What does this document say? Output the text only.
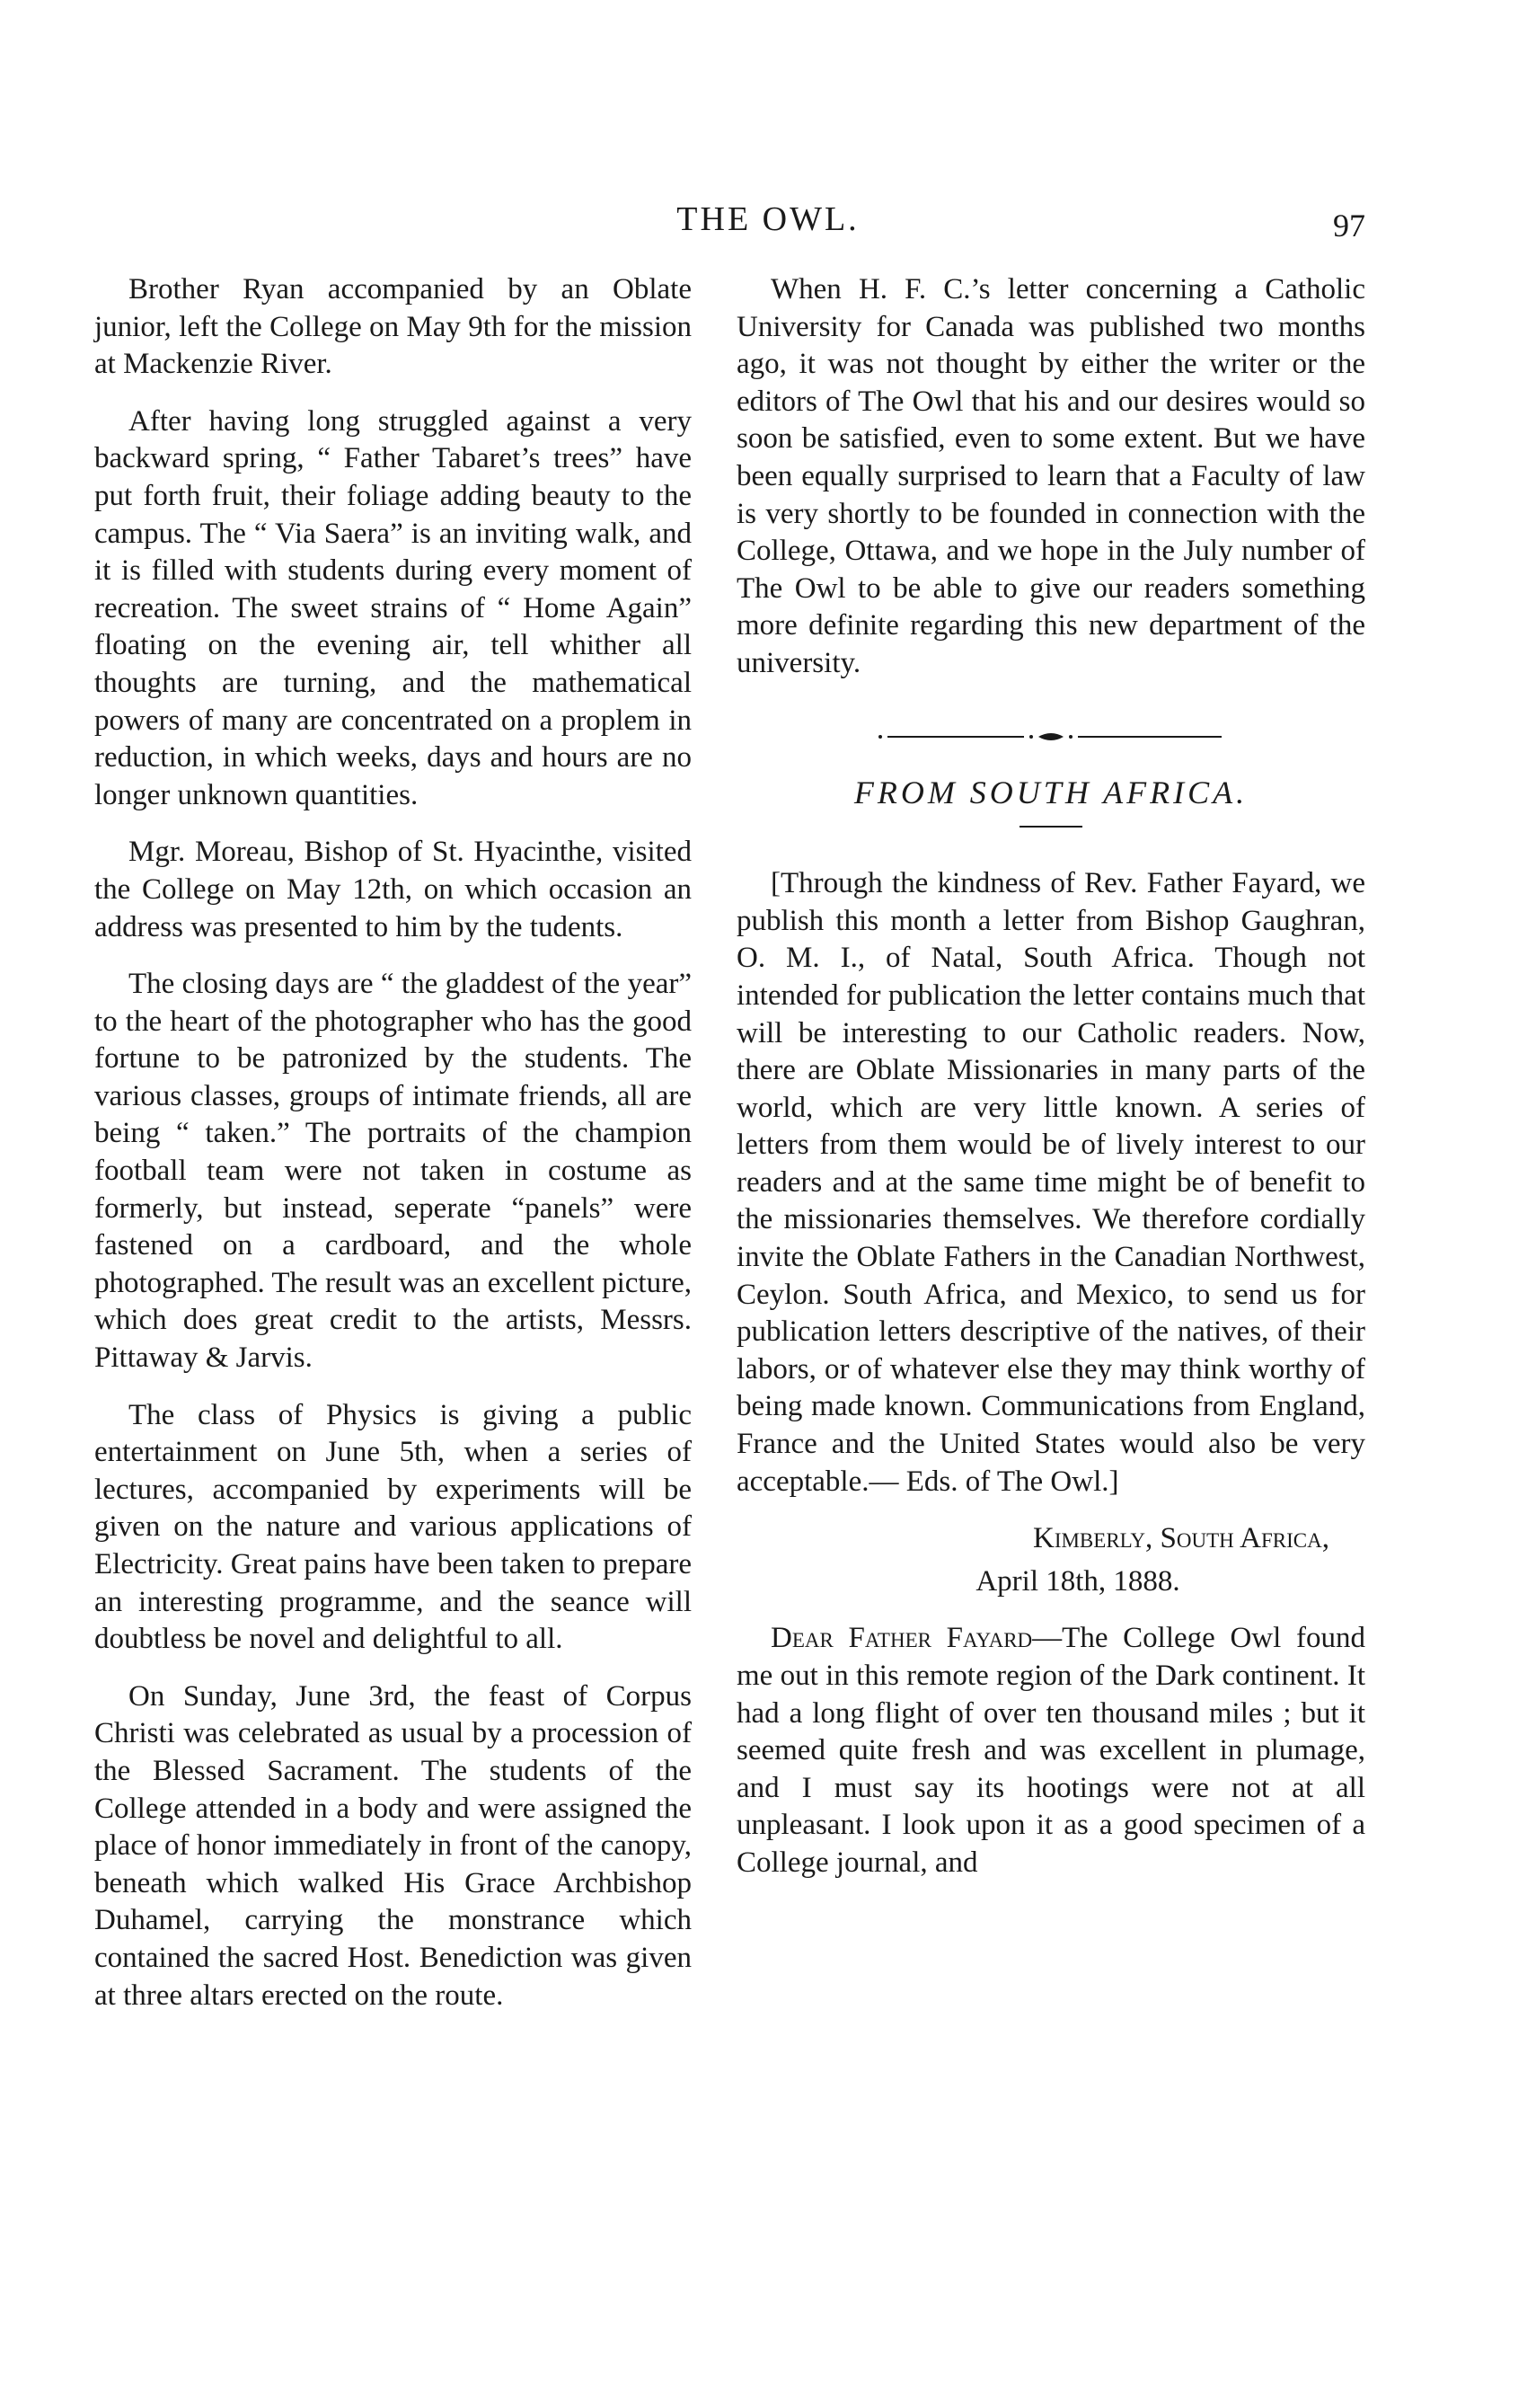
THE OWL.	97

Brother Ryan accompanied by an Oblate junior, left the College on May 9th for the mission at Mackenzie River.

After having long struggled against a very backward spring, “ Father Tabaret’s trees” have put forth fruit, their foliage adding beauty to the campus. The “ Via Saera” is an inviting walk, and it is filled with students during every moment of recreation. The sweet strains of “ Home Again” floating on the evening air, tell whither all thoughts are turning, and the mathematical powers of many are concentrated on a proplem in reduction, in which weeks, days and hours are no longer unknown quantities.

Mgr. Moreau, Bishop of St. Hyacinthe, visited the College on May 12th, on which occasion an address was presented to him by the tudents.

The closing days are “ the gladdest of the year” to the heart of the photographer who has the good fortune to be patronized by the students. The various classes, groups of intimate friends, all are being “ taken.” The portraits of the champion football team were not taken in costume as formerly, but instead, seperate “panels” were fastened on a cardboard, and the whole photographed. The result was an excellent picture, which does great credit to the artists, Messrs. Pittaway & Jarvis.

The class of Physics is giving a public entertainment on June 5th, when a series of lectures, accompanied by experiments will be given on the nature and various applications of Electricity. Great pains have been taken to prepare an interesting programme, and the seance will doubtless be novel and delightful to all.

On Sunday, June 3rd, the feast of Corpus Christi was celebrated as usual by a procession of the Blessed Sacrament. The students of the College attended in a body and were assigned the place of honor immediately in front of the canopy, beneath which walked His Grace Archbishop Duhamel, carrying the monstrance which contained the sacred Host. Benediction was given at three altars erected on the route.

When H. F. C.’s letter concerning a Catholic University for Canada was published two months ago, it was not thought by either the writer or the editors of The Owl that his and our desires would so soon be satisfied, even to some extent. But we have been equally surprised to learn that a Faculty of law is very shortly to be founded in connection with the College, Ottawa, and we hope in the July number of The Owl to be able to give our readers something more definite regarding this new department of the university.

FROM SOUTH AFRICA.

[Through the kindness of Rev. Father Fayard, we publish this month a letter from Bishop Gaughran, O. M. I., of Natal, South Africa. Though not intended for publication the letter contains much that will be interesting to our Catholic readers. Now, there are Oblate Missionaries in many parts of the world, which are very little known. A series of letters from them would be of lively interest to our readers and at the same time might be of benefit to the missionaries themselves. We therefore cordially invite the Oblate Fathers in the Canadian Northwest, Ceylon. South Africa, and Mexico, to send us for publication letters descriptive of the natives, of their labors, or of whatever else they may think worthy of being made known. Communications from England, France and the United States would also be very acceptable.— Eds. of The Owl.]

Kimberly, South Africa,

April 18th, 1888.

Dear Father Fayard—The College Owl found me out in this remote region of the Dark continent. It had a long flight of over ten thousand miles ; but it seemed quite fresh and was excellent in plumage, and I must say its hootings were not at all unpleasant. I look upon it as a good specimen of a College journal, and
